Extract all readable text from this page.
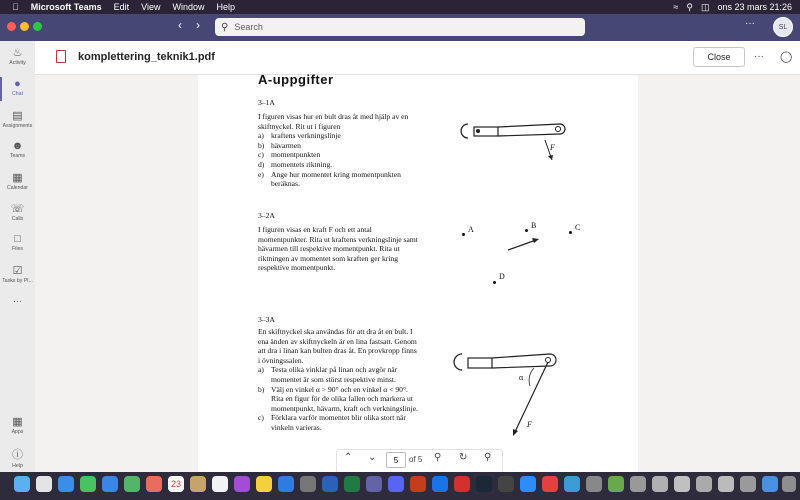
Microsoft Teams Edit View Window Help	≈ ⚲ ◫ ons 23 mars 21:26
‹ › ⚲ Search	···	SL
♨
Activity
●
Chat
▤
Assignments
☻
Teams
▦
Calendar
☏
Calls
□
Files
☑
Tasks by Pl...
···
▦
Apps
ⓘ
Help
komplettering_teknik1.pdf	Close	··· ◯
A-uppgifter
3–1A
I figuren visas hur en bult dras åt med hjälp av en skiftnyckel. Rit ut i figuren
a) kraftens verkningslinje
b) hävarmen
c) momentpunkten
d) momentets riktning.
e) Ange hur momentet kring momentpunkten beräknas.
F
3–2A
I figuren visas en kraft F och ett antal momentpunkter. Rita ut kraftens verkningslinje samt hävarmen till respektive momentpunkt. Rita ut riktningen av momentet som kraften ger kring respektive momentpunkt.
A	B	C
D
3–3A
En skiftnyckel ska användas för att dra åt en bult. I ena änden av skiftnyckeln är en lina fastsatt. Genom att dra i linan kan bulten dras åt. En provkropp finns i övningssalen.
a) Testa olika vinklar på linan och avgör när momentet är som störst respektive minst.
b) Välj en vinkel α > 90° och en vinkel α < 90°. Rita en figur för de olika fallen och markera ut momentpunkt, hävarm, kraft och verkningslinje.
c) Förklara varför momentet blir olika stort när vinkeln varieras.
α
F
⌃ ⌄	5	of 5 ⚲ ↻ ⚲
23
